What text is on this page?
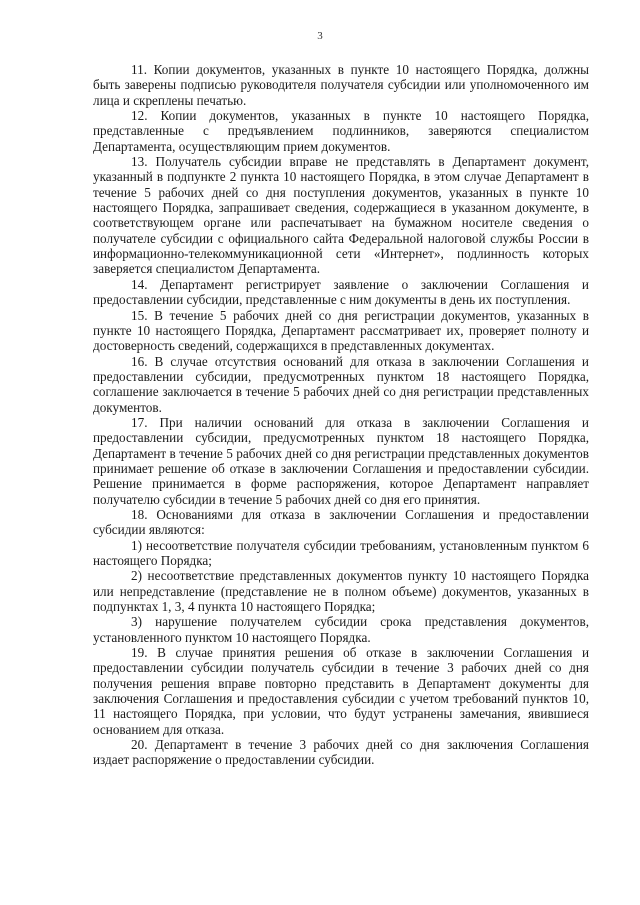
3

11. Копии документов, указанных в пункте 10 настоящего Порядка, должны быть заверены подписью руководителя получателя субсидии или уполномоченного им лица и скреплены печатью.

12. Копии документов, указанных в пункте 10 настоящего Порядка, представленные с предъявлением подлинников, заверяются специалистом Департамента, осуществляющим прием документов.

13. Получатель субсидии вправе не представлять в Департамент документ, указанный в подпункте 2 пункта 10 настоящего Порядка, в этом случае Департамент в течение 5 рабочих дней со дня поступления документов, указанных в пункте 10 настоящего Порядка, запрашивает сведения, содержащиеся в указанном документе, в соответствующем органе или распечатывает на бумажном носителе сведения о получателе субсидии с официального сайта Федеральной налоговой службы России в информационно-телекоммуникационной сети «Интернет», подлинность которых заверяется специалистом Департамента.

14. Департамент регистрирует заявление о заключении Соглашения и предоставлении субсидии, представленные с ним документы в день их поступления.

15. В течение 5 рабочих дней со дня регистрации документов, указанных в пункте 10 настоящего Порядка, Департамент рассматривает их, проверяет полноту и достоверность сведений, содержащихся в представленных документах.

16. В случае отсутствия оснований для отказа в заключении Соглашения и предоставлении субсидии, предусмотренных пунктом 18 настоящего Порядка, соглашение заключается в течение 5 рабочих дней со дня регистрации представленных документов.

17. При наличии оснований для отказа в заключении Соглашения и предоставлении субсидии, предусмотренных пунктом 18 настоящего Порядка, Департамент в течение 5 рабочих дней со дня регистрации представленных документов принимает решение об отказе в заключении Соглашения и предоставлении субсидии. Решение принимается в форме распоряжения, которое Департамент направляет получателю субсидии в течение 5 рабочих дней со дня его принятия.

18. Основаниями для отказа в заключении Соглашения и предоставлении субсидии являются:

1) несоответствие получателя субсидии требованиям, установленным пунктом 6 настоящего Порядка;

2) несоответствие представленных документов пункту 10 настоящего Порядка или непредставление (представление не в полном объеме) документов, указанных в подпунктах 1, 3, 4 пункта 10 настоящего Порядка;

3) нарушение получателем субсидии срока представления документов, установленного пунктом 10 настоящего Порядка.

19. В случае принятия решения об отказе в заключении Соглашения и предоставлении субсидии получатель субсидии в течение 3 рабочих дней со дня получения решения вправе повторно представить в Департамент документы для заключения Соглашения и предоставления субсидии с учетом требований пунктов 10, 11 настоящего Порядка, при условии, что будут устранены замечания, явившиеся основанием для отказа.

20. Департамент в течение 3 рабочих дней со дня заключения Соглашения издает распоряжение о предоставлении субсидии.
